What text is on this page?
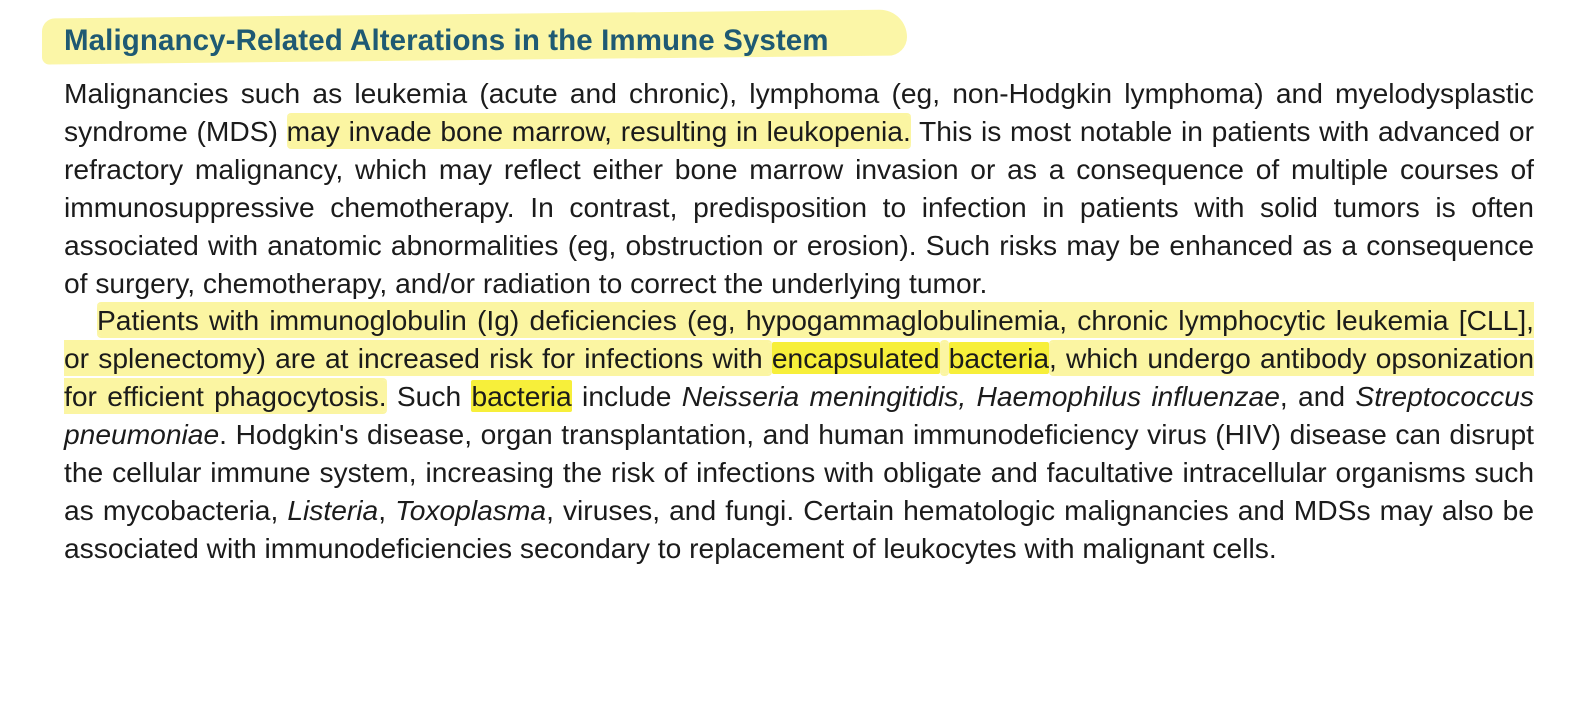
Malignancy-Related Alterations in the Immune System

Malignancies such as leukemia (acute and chronic), lymphoma (eg, non-Hodgkin lymphoma) and myelodysplastic syndrome (MDS) may invade bone marrow, resulting in leukopenia. This is most notable in patients with advanced or refractory malignancy, which may reflect either bone marrow invasion or as a consequence of multiple courses of immunosuppressive chemotherapy. In contrast, predisposition to infection in patients with solid tumors is often associated with anatomic abnormalities (eg, obstruction or erosion). Such risks may be enhanced as a consequence of surgery, chemotherapy, and/or radiation to correct the underlying tumor.

Patients with immunoglobulin (Ig) deficiencies (eg, hypogammaglobulinemia, chronic lymphocytic leukemia [CLL], or splenectomy) are at increased risk for infections with encapsulated bacteria, which undergo antibody opsonization for efficient phagocytosis. Such bacteria include Neisseria meningitidis, Haemophilus influenzae, and Streptococcus pneumoniae. Hodgkin's disease, organ transplantation, and human immunodeficiency virus (HIV) disease can disrupt the cellular immune system, increasing the risk of infections with obligate and facultative intracellular organisms such as mycobacteria, Listeria, Toxoplasma, viruses, and fungi. Certain hematologic malignancies and MDSs may also be associated with immunodeficiencies secondary to replacement of leukocytes with malignant cells.
